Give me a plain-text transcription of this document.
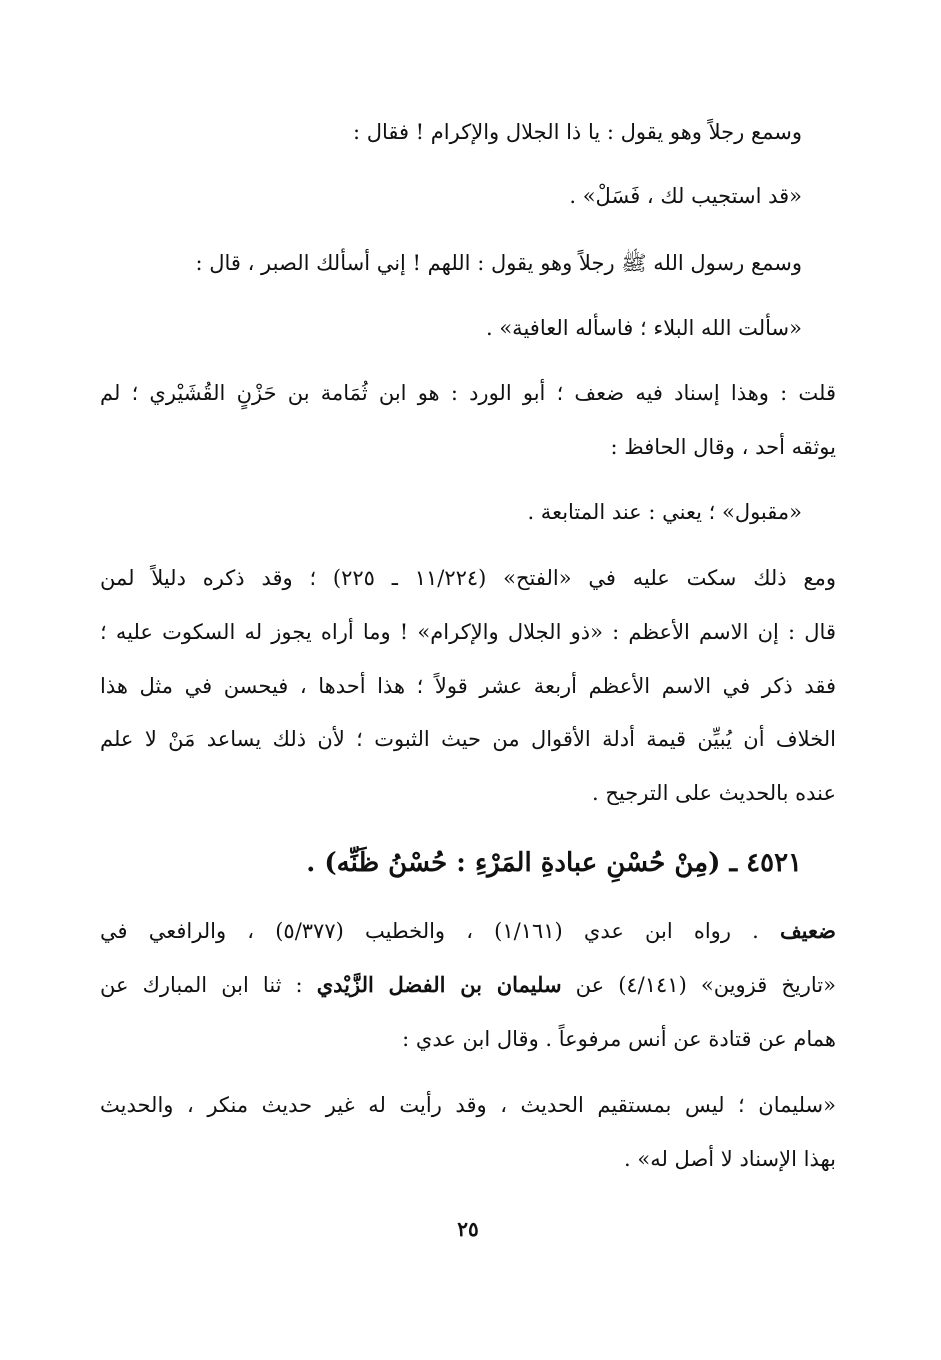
وسمع رجلاً وهو يقول : يا ذا الجلال والإكرام ! فقال :
«قد استجيب لك ، فَسَلْ» .
وسمع رسول الله ﷺ رجلاً وهو يقول : اللهم ! إني أسألك الصبر ، قال :
«سألت الله البلاء ؛ فاسأله العافية» .
قلت : وهذا إسناد فيه ضعف ؛ أبو الورد : هو ابن ثُمَامة بن حَزْنٍ القُشَيْري ؛ لم
يوثقه أحد ، وقال الحافظ :
«مقبول» ؛ يعني : عند المتابعة .
ومع ذلك سكت عليه في «الفتح» (١١/٢٢٤ ـ ٢٢٥) ؛ وقد ذكره دليلاً لمن
قال : إن الاسم الأعظم : «ذو الجلال والإكرام» ! وما أراه يجوز له السكوت عليه ؛
فقد ذكر في الاسم الأعظم أربعة عشر قولاً ؛ هذا أحدها ، فيحسن في مثل هذا
الخلاف أن يُبيِّن قيمة أدلة الأقوال من حيث الثبوت ؛ لأن ذلك يساعد مَنْ لا علم
عنده بالحديث على الترجيح .
٤٥٢١ ـ (مِنْ حُسْنِ عبادةِ المَرْءِ : حُسْنُ ظَنِّه) .
ضعيف . رواه ابن عدي (١/١٦١) ، والخطيب (٥/٣٧٧) ، والرافعي في
«تاريخ قزوين» (٤/١٤١) عن سليمان بن الفضل الزَّيْدي : ثنا ابن المبارك عن
همام عن قتادة عن أنس مرفوعاً . وقال ابن عدي :
«سليمان ؛ ليس بمستقيم الحديث ، وقد رأيت له غير حديث منكر ، والحديث
بهذا الإسناد لا أصل له» .
٢٥
